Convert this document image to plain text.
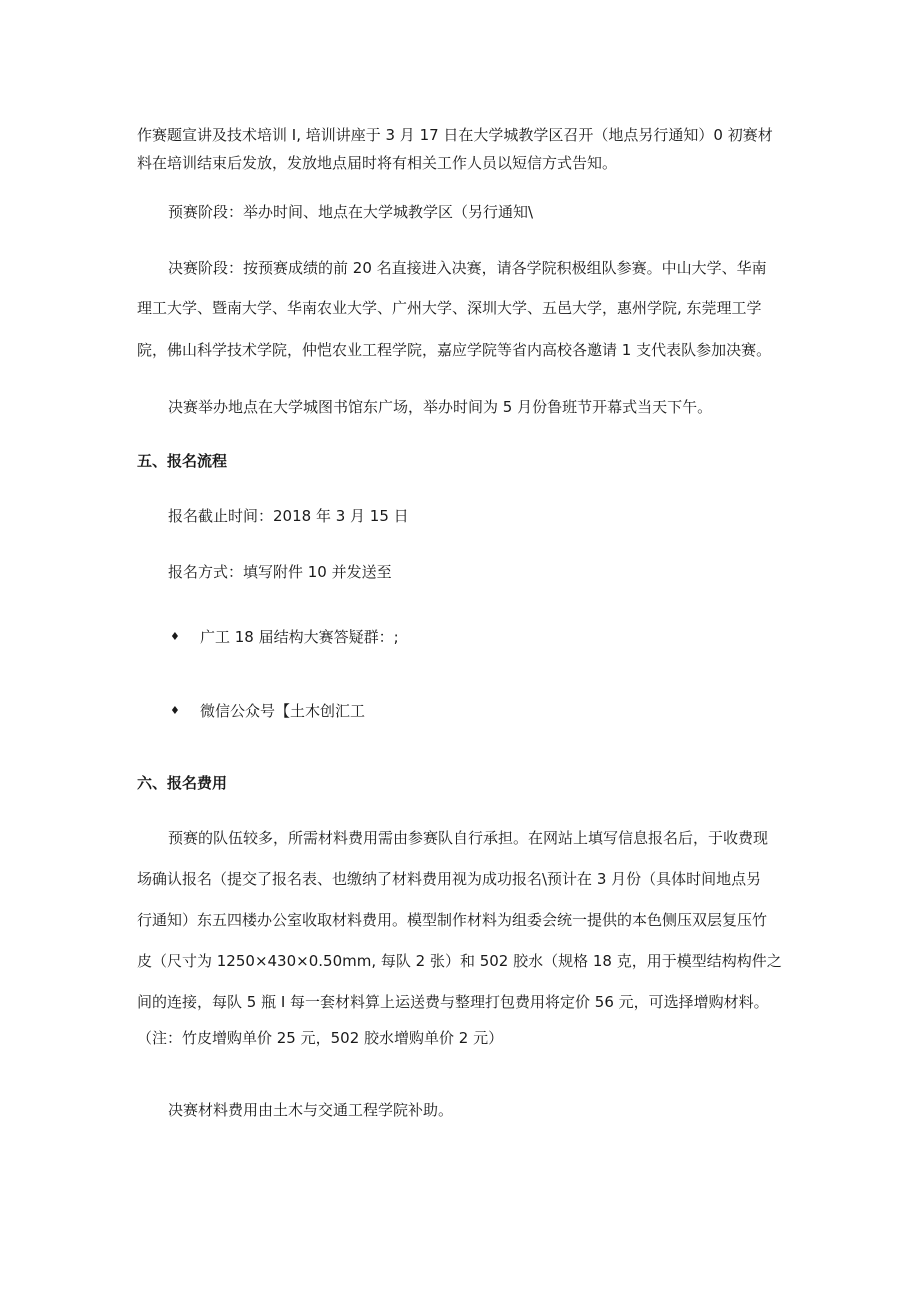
作赛题宣讲及技术培训 I, 培训讲座于 3 月 17 日在大学城教学区召开（地点另行通知）0 初赛材
料在培训结束后发放，发放地点届时将有相关工作人员以短信方式告知。
预赛阶段：举办时间、地点在大学城教学区（另行通知\
决赛阶段：按预赛成绩的前 20 名直接进入决赛，请各学院积极组队参赛。中山大学、华南
理工大学、暨南大学、华南农业大学、广州大学、深圳大学、五邑大学，惠州学院, 东莞理工学
院，佛山科学技术学院，仲恺农业工程学院，嘉应学院等省内高校各邀请 1 支代表队参加决赛。
决赛举办地点在大学城图书馆东广场，举办时间为 5 月份鲁班节开幕式当天下午。
五、报名流程
报名截止时间：2018 年 3 月 15 日
报名方式：填写附件 10 并发送至
♦ 广工 18 届结构大赛答疑群：;
♦ 微信公众号【土木创汇工
六、报名费用
预赛的队伍较多，所需材料费用需由参赛队自行承担。在网站上填写信息报名后，于收费现
场确认报名（提交了报名表、也缴纳了材料费用视为成功报名\预计在 3 月份（具体时间地点另
行通知）东五四楼办公室收取材料费用。模型制作材料为组委会统一提供的本色侧压双层复压竹
皮（尺寸为 1250×430×0.50mm, 每队 2 张）和 502 胶水（规格 18 克，用于模型结构构件之
间的连接，每队 5 瓶 I 每一套材料算上运送费与整理打包费用将定价 56 元，可选择增购材料。
（注：竹皮增购单价 25 元，502 胶水增购单价 2 元）
决赛材料费用由土木与交通工程学院补助。
